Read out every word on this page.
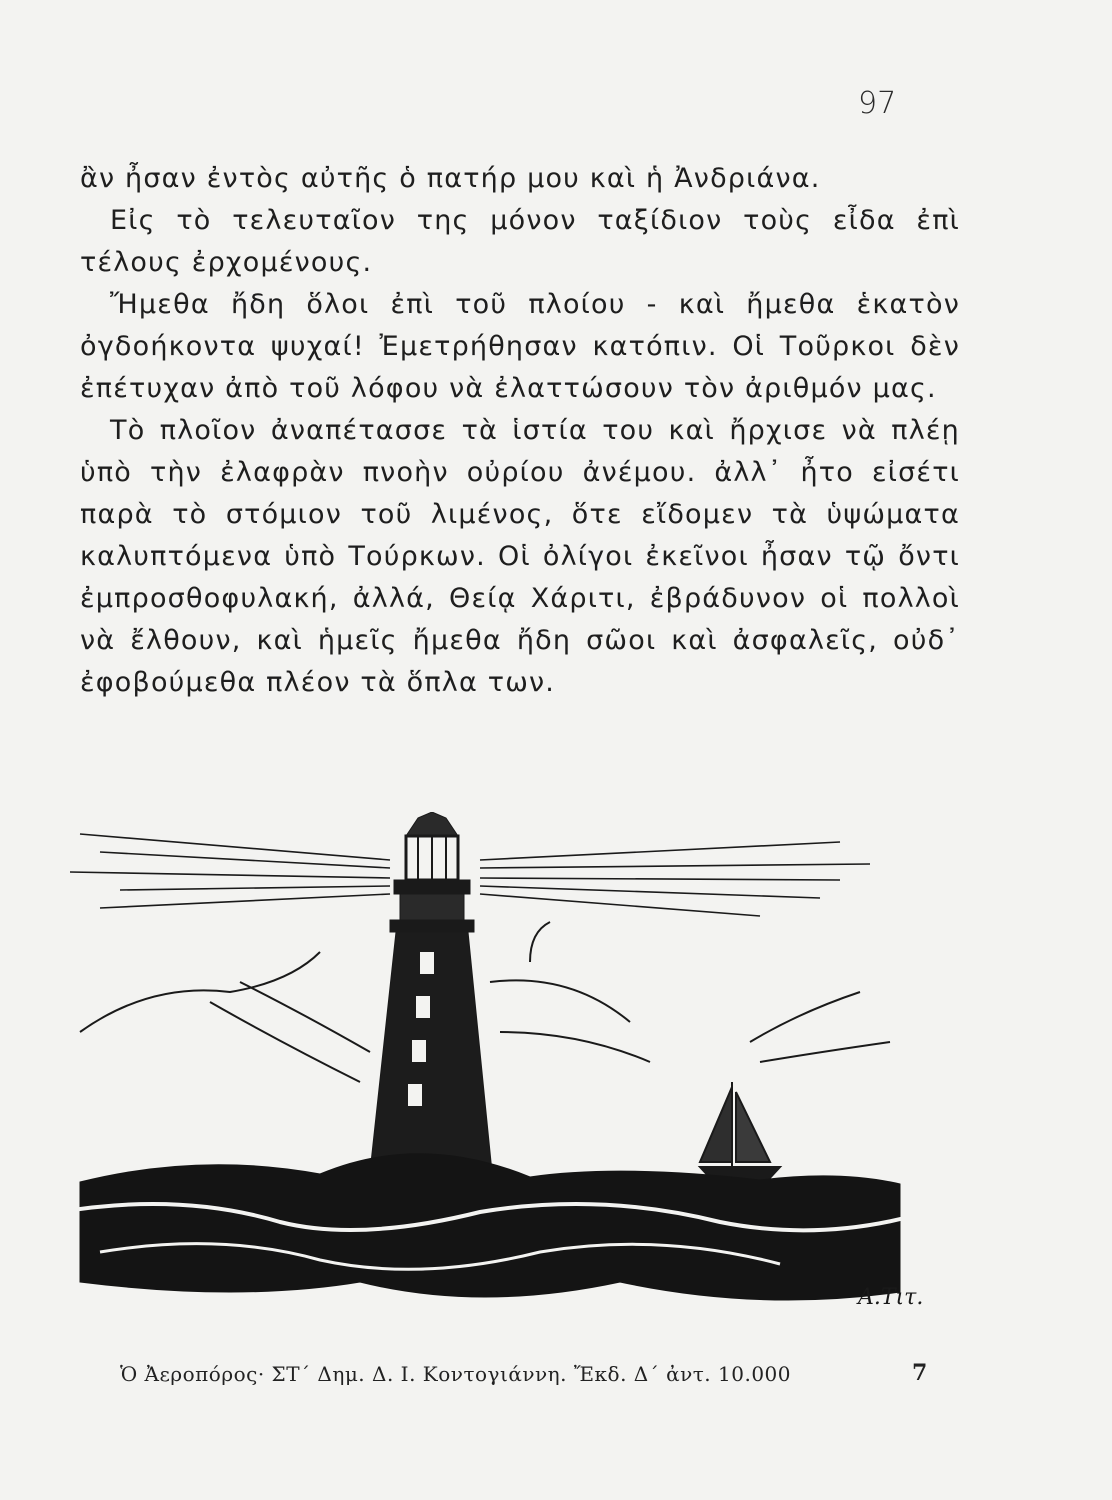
97

ἂν ἦσαν ἐντὸς αὐτῆς ὁ πατήρ μου καὶ ἡ Ἀνδριάνα.

Εἰς τὸ τελευταῖον της μόνον ταξίδιον τοὺς εἶδα ἐπὶ τέλους ἐρχομένους.

Ἤμεθα ἤδη ὅλοι ἐπὶ τοῦ πλοίου - καὶ ἤμεθα ἑκατὸν ὀγδοήκοντα ψυχαί! Ἐμετρήθησαν κατόπιν. Οἱ Τοῦρκοι δὲν ἐπέτυχαν ἀπὸ τοῦ λόφου νὰ ἐλαττώσουν τὸν ἀριθμόν μας.

Τὸ πλοῖον ἀναπέτασσε τὰ ἱστία του καὶ ἤρχισε νὰ πλέῃ ὑπὸ τὴν ἐλαφρὰν πνοὴν οὐρίου ἀνέμου. ἀλλ᾽ ἦτο εἰσέτι παρὰ τὸ στόμιον τοῦ λιμένος, ὅτε εἴδομεν τὰ ὑψώματα καλυπτόμενα ὑπὸ Τούρκων. Οἱ ὀλίγοι ἐκεῖνοι ἦσαν τῷ ὄντι ἐμπροσθοφυλακή, ἀλλά, Θείᾳ Χάριτι, ἐβράδυνον οἱ πολλοὶ νὰ ἔλθουν, καὶ ἡμεῖς ἤμεθα ἤδη σῶοι καὶ ἀσφαλεῖς, οὐδ᾽ ἐφοβούμεθα πλέον τὰ ὅπλα των.

Α.Τιτ.
Ὁ Ἀεροπόρος· ΣΤ´ Δημ. Δ. Ι. Κοντογιάννη. Ἔκδ. Δ´ ἀντ. 10.000	7
